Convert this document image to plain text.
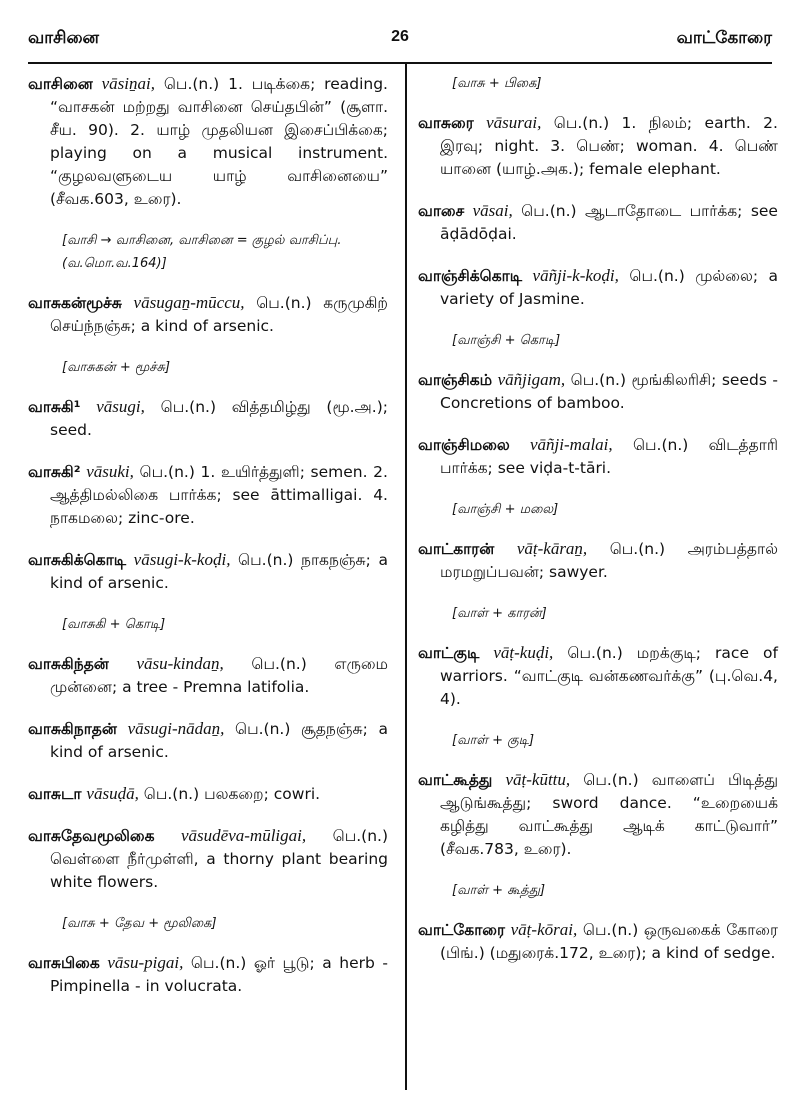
வாசினை	26	வாட்கோரை
வாசினை vāsiṉai, பெ.(n.) 1. படிக்கை; reading. “வாசகன் மற்றது வாசினை செய்தபின்” (சூளா. சீய. 90). 2. யாழ் முதலியன இசைப்பிக்கை; playing on a musical instrument. “குழலவளுடைய யாழ் வாசினையை” (சீவக.603, உரை).
[வாசி → வாசினை, வாசினை = குழல் வாசிப்பு. (வ.மொ.வ.164)]
வாசுகன்மூச்சு vāsugaṉ-mūccu, பெ.(n.) கருமுகிற் செய்ந்நஞ்சு; a kind of arsenic.
[வாசுகன் + மூச்சு]
வாசுகி¹ vāsugi, பெ.(n.) வித்தமிழ்து (மூ.அ.); seed.
வாசுகி² vāsuki, பெ.(n.) 1. உயிர்த்துளி; semen. 2. ஆத்திமல்லிகை பார்க்க; see āttimalligai. 4. நாகமலை; zinc-ore.
வாசுகிக்கொடி vāsugi-k-koḍi, பெ.(n.) நாகநஞ்சு; a kind of arsenic.
[வாசுகி + கொடி]
வாசுகிந்தன் vāsu-kindaṉ, பெ.(n.) எருமை முன்னை; a tree - Premna latifolia.
வாசுகிநாதன் vāsugi-nādaṉ, பெ.(n.) சூதநஞ்சு; a kind of arsenic.
வாசுடா vāsuḍā, பெ.(n.) பலகறை; cowri.
வாசுதேவமூலிகை vāsudēva-mūligai, பெ.(n.) வெள்ளை நீர்முள்ளி, a thorny plant bearing white flowers.
[வாசு + தேவ + மூலிகை]
வாசுபிகை vāsu-pigai, பெ.(n.) ஓர் பூடு; a herb - Pimpinella - in volucrata.
[வாசு + பிகை]
வாசுரை vāsurai, பெ.(n.) 1. நிலம்; earth. 2. இரவு; night. 3. பெண்; woman. 4. பெண் யானை (யாழ்.அக.); female elephant.
வாசை vāsai, பெ.(n.) ஆடாதோடை பார்க்க; see āḍādōḍai.
வாஞ்சிக்கொடி vāñji-k-koḍi, பெ.(n.) முல்லை; a variety of Jasmine.
[வாஞ்சி + கொடி]
வாஞ்சிகம் vāñjigam, பெ.(n.) மூங்கிலரிசி; seeds - Concretions of bamboo.
வாஞ்சிமலை vāñji-malai, பெ.(n.) விடத்தாரி பார்க்க; see viḍa-t-tāri.
[வாஞ்சி + மலை]
வாட்காரன் vāṭ-kāraṉ, பெ.(n.) அரம்பத்தால் மரமறுப்பவன்; sawyer.
[வாள் + காரன்]
வாட்குடி vāṭ-kuḍi, பெ.(n.) மறக்குடி; race of warriors. “வாட்குடி வன்கணவர்க்கு” (பு.வெ.4, 4).
[வாள் + குடி]
வாட்கூத்து vāṭ-kūttu, பெ.(n.) வாளைப் பிடித்து ஆடுங்கூத்து; sword dance. “உறையைக் கழித்து வாட்கூத்து ஆடிக் காட்டுவார்” (சீவக.783, உரை).
[வாள் + கூத்து]
வாட்கோரை vāṭ-kōrai, பெ.(n.) ஒருவகைக் கோரை (பிங்.) (மதுரைக்.172, உரை); a kind of sedge.
